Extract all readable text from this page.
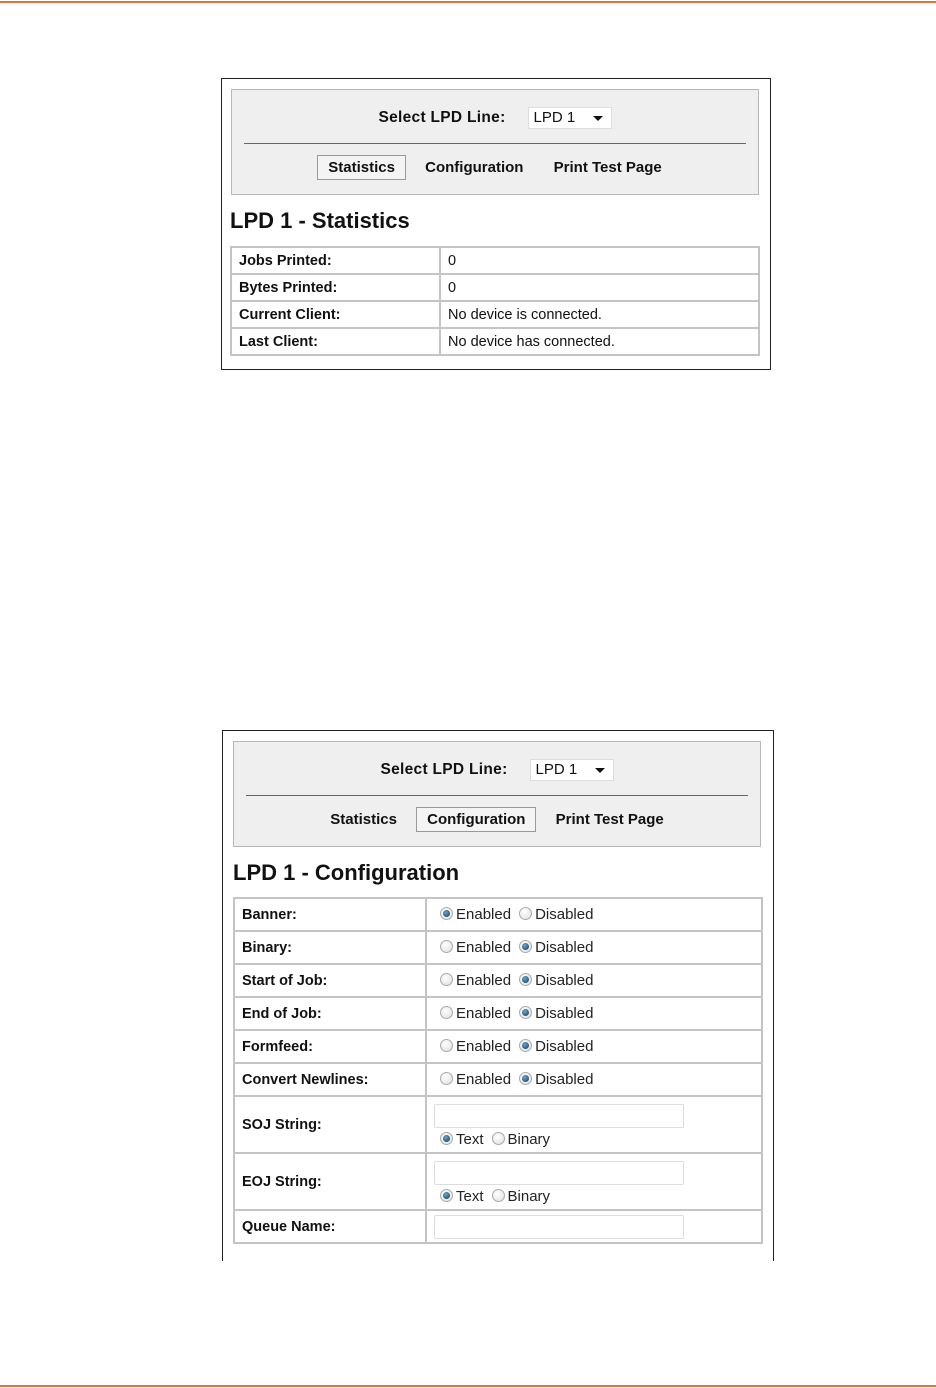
Select LPD Line: LPD 1
Statistics Configuration Print Test Page
LPD 1 - Statistics
Jobs Printed:	0
Bytes Printed:	0
Current Client:	No device is connected.
Last Client:	No device has connected.
Select LPD Line: LPD 1
Statistics Configuration Print Test Page
LPD 1 - Configuration
Banner:	Enabled Disabled

Binary:	Enabled Disabled

Start of Job:	Enabled Disabled

End of Job:	Enabled Disabled

Formfeed:	Enabled Disabled

Convert Newlines:	Enabled Disabled

SOJ String:	Text Binary

EOJ String:	Text Binary

Queue Name:	
